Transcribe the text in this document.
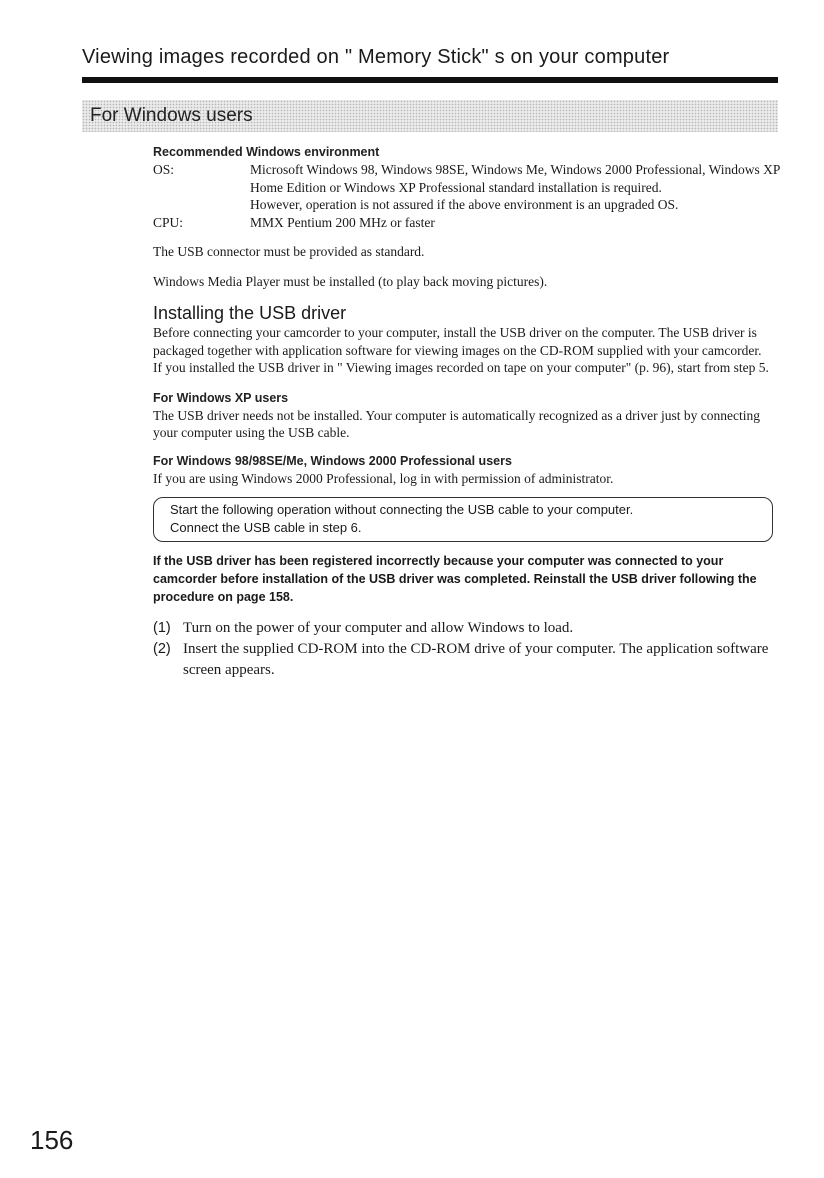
Viewing images recorded on " Memory Stick" s on your computer
For Windows users

Recommended Windows environment

OS:	Microsoft Windows 98, Windows 98SE, Windows Me, Windows 2000 Professional, Windows XP Home Edition or Windows XP Professional standard installation is required.
However, operation is not assured if the above environment is an upgraded OS.
CPU:	MMX Pentium 200 MHz or faster

The USB connector must be provided as standard.

Windows Media Player must be installed (to play back moving pictures).

Installing the USB driver

Before connecting your camcorder to your computer, install the USB driver on the computer. The USB driver is packaged together with application software for viewing images on the CD-ROM supplied with your camcorder.

If you installed the USB driver in " Viewing images recorded on tape on your computer" (p. 96), start from step 5.

For Windows XP users

The USB driver needs not be installed. Your computer is automatically recognized as a driver just by connecting your computer using the USB cable.

For Windows 98/98SE/Me, Windows 2000 Professional users

If you are using Windows 2000 Professional, log in with permission of administrator.

Start the following operation without connecting the USB cable to your computer.
Connect the USB cable in step 6.

If the USB driver has been registered incorrectly because your computer was connected to your camcorder before installation of the USB driver was completed. Reinstall the USB driver following the procedure on page 158.

(1) Turn on the power of your computer and allow Windows to load.
(2) Insert the supplied CD-ROM into the CD-ROM drive of your computer. The application software screen appears.
156
